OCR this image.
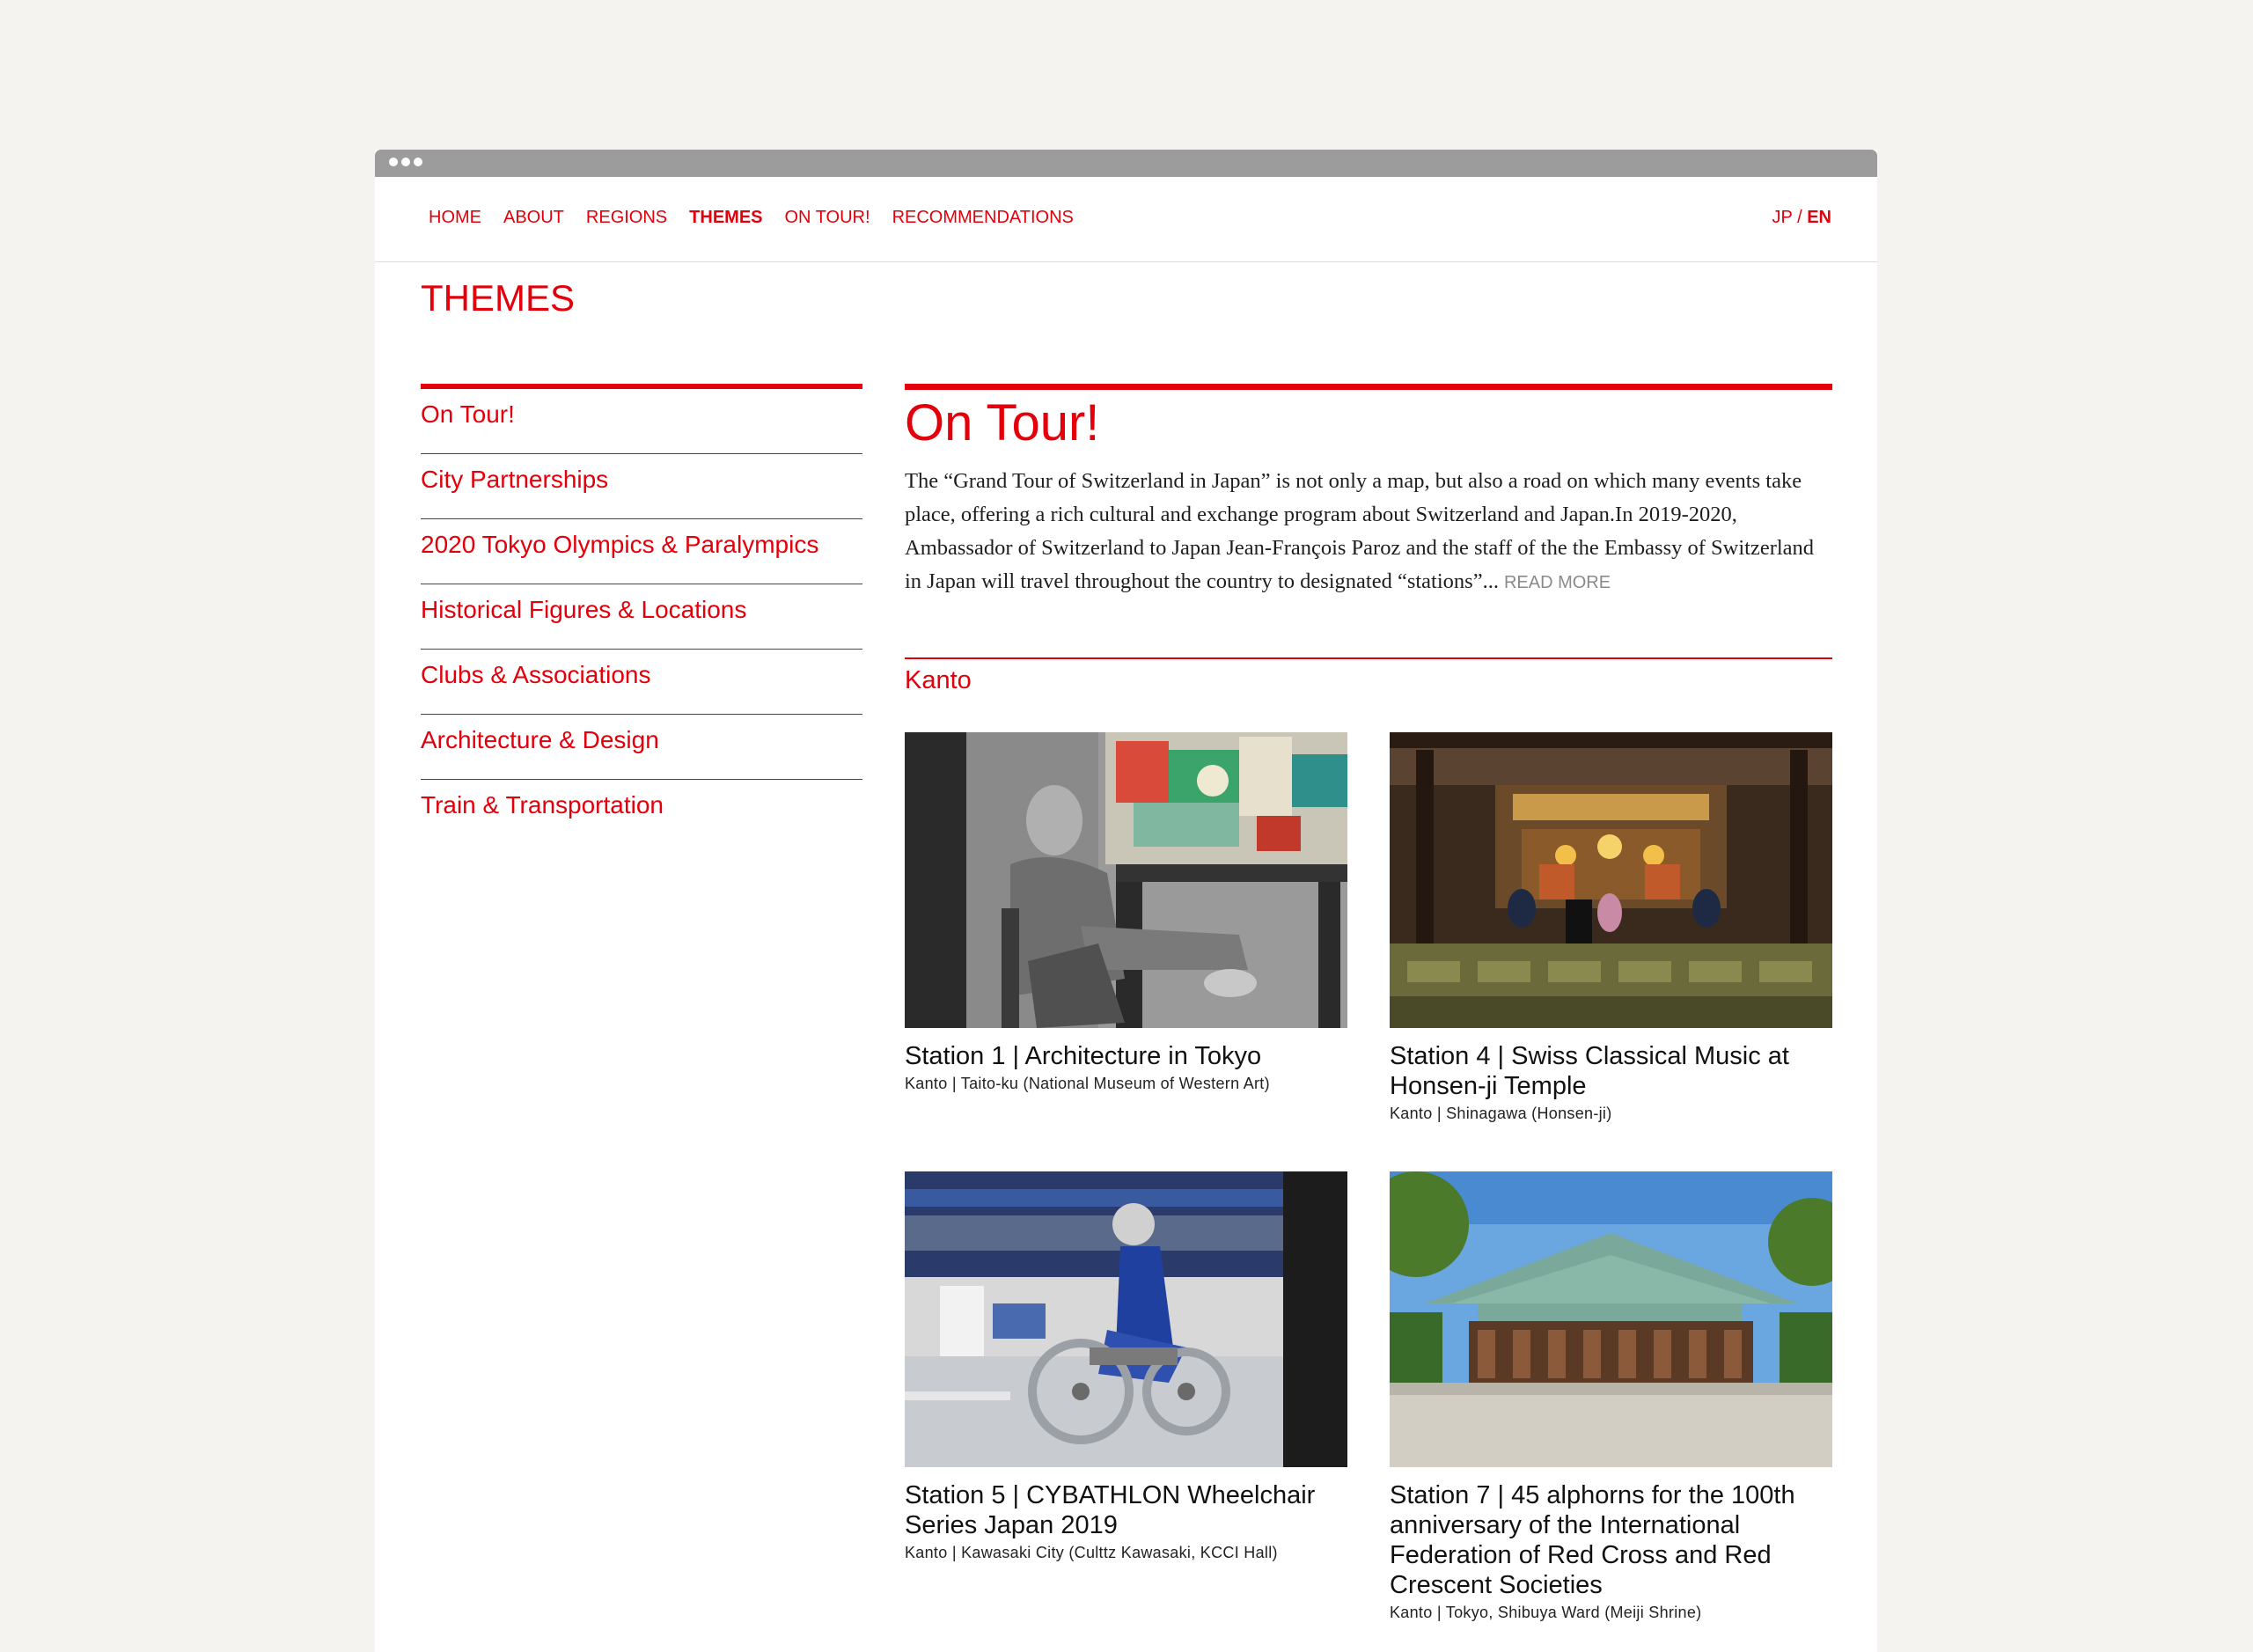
HOME ABOUT REGIONS THEMES ON TOUR! RECOMMENDATIONS	JP / EN
THEMES
On Tour!
City Partnerships
2020 Tokyo Olympics & Paralympics
Historical Figures & Locations
Clubs & Associations
Architecture & Design
Train & Transportation
On Tour!

The “Grand Tour of Switzerland in Japan” is not only a map, but also a road on which many events take place, offering a rich cultural and exchange program about Switzerland and Japan.In 2019-2020, Ambassador of Switzerland to Japan Jean-François Paroz and the staff of the the Embassy of Switzerland in Japan will travel throughout the country to designated “stations”... READ MORE

Kanto
Station 1 | Architecture in Tokyo
Kanto | Taito-ku (National Museum of Western Art)
Station 4 | Swiss Classical Music at Honsen-ji Temple
Kanto | Shinagawa (Honsen-ji)
Station 5 | CYBATHLON Wheelchair Series Japan 2019
Kanto | Kawasaki City (Culttz Kawasaki, KCCI Hall)
Station 7 | 45 alphorns for the 100th anniversary of the International Federation of Red Cross and Red Crescent Societies
Kanto | Tokyo, Shibuya Ward (Meiji Shrine)
